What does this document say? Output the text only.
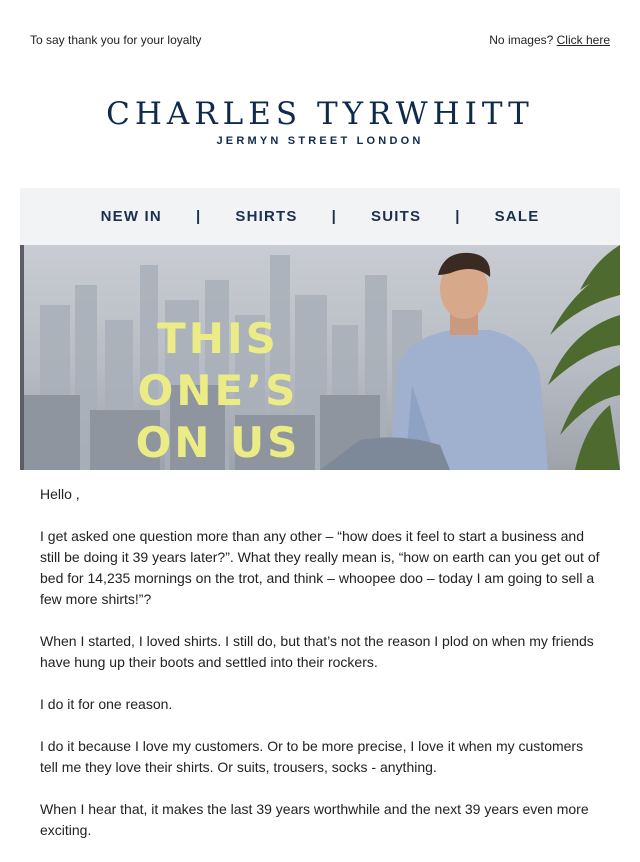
To say thank you for your loyalty	No images? Click here
CHARLES TYRWHITT
JERMYN STREET LONDON
NEW IN | SHIRTS | SUITS | SALE
THIS ONE’S
ON US

Hello ,

I get asked one question more than any other – “how does it feel to start a business and still be doing it 39 years later?”. What they really mean is, “how on earth can you get out of bed for 14,235 mornings on the trot, and think – whoopee doo – today I am going to sell a few more shirts!”?

When I started, I loved shirts. I still do, but that’s not the reason I plod on when my friends have hung up their boots and settled into their rockers.

I do it for one reason.

I do it because I love my customers. Or to be more precise, I love it when my customers tell me they love their shirts. Or suits, trousers, socks - anything.

When I hear that, it makes the last 39 years worthwhile and the next 39 years even more exciting.
